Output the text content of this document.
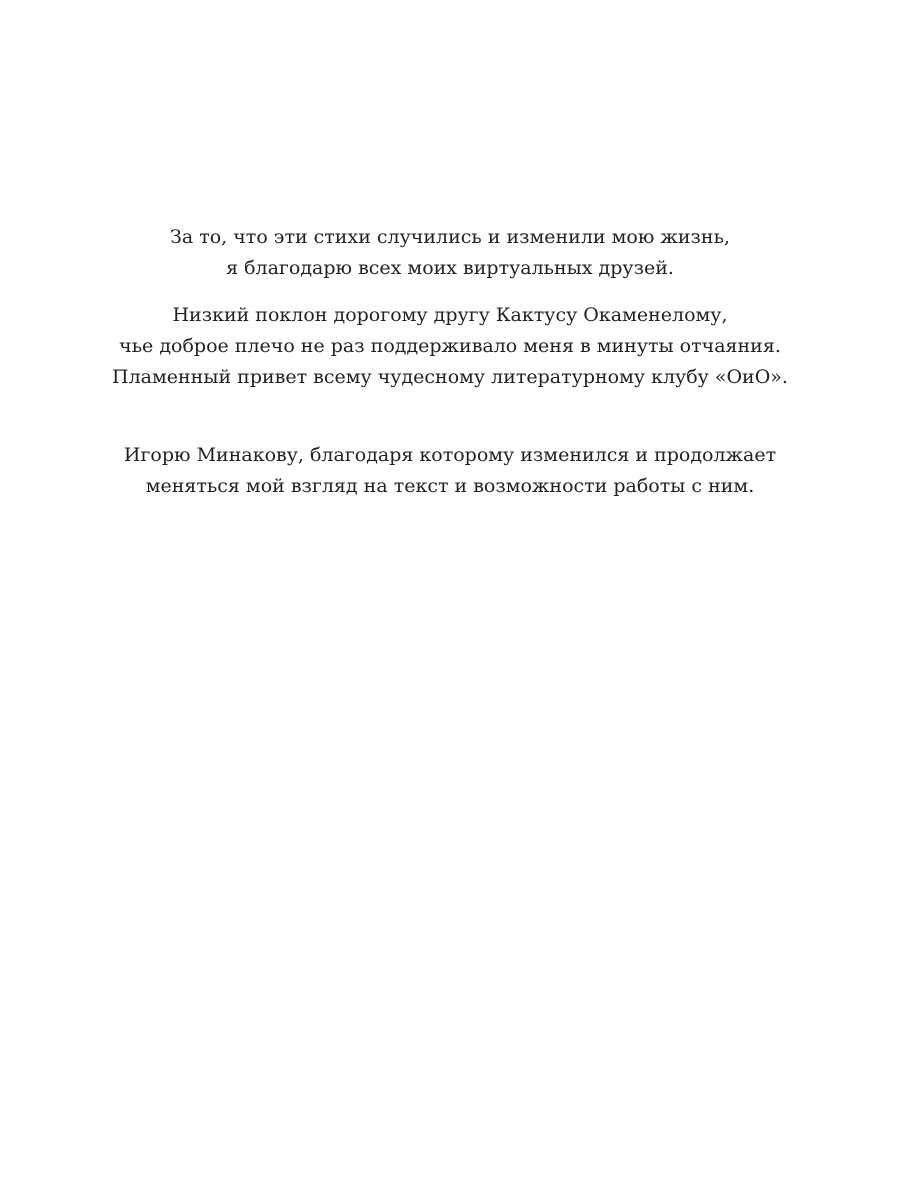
За то, что эти стихи случились и изменили мою жизнь,
я благодарю всех моих виртуальных друзей.
Низкий поклон дорогому другу Кактусу Окаменелому,
чье доброе плечо не раз поддерживало меня в минуты отчаяния.
Пламенный привет всему чудесному литературному клубу «ОиО».
Игорю Минакову, благодаря которому изменился и продолжает
меняться мой взгляд на текст и возможности работы с ним.
